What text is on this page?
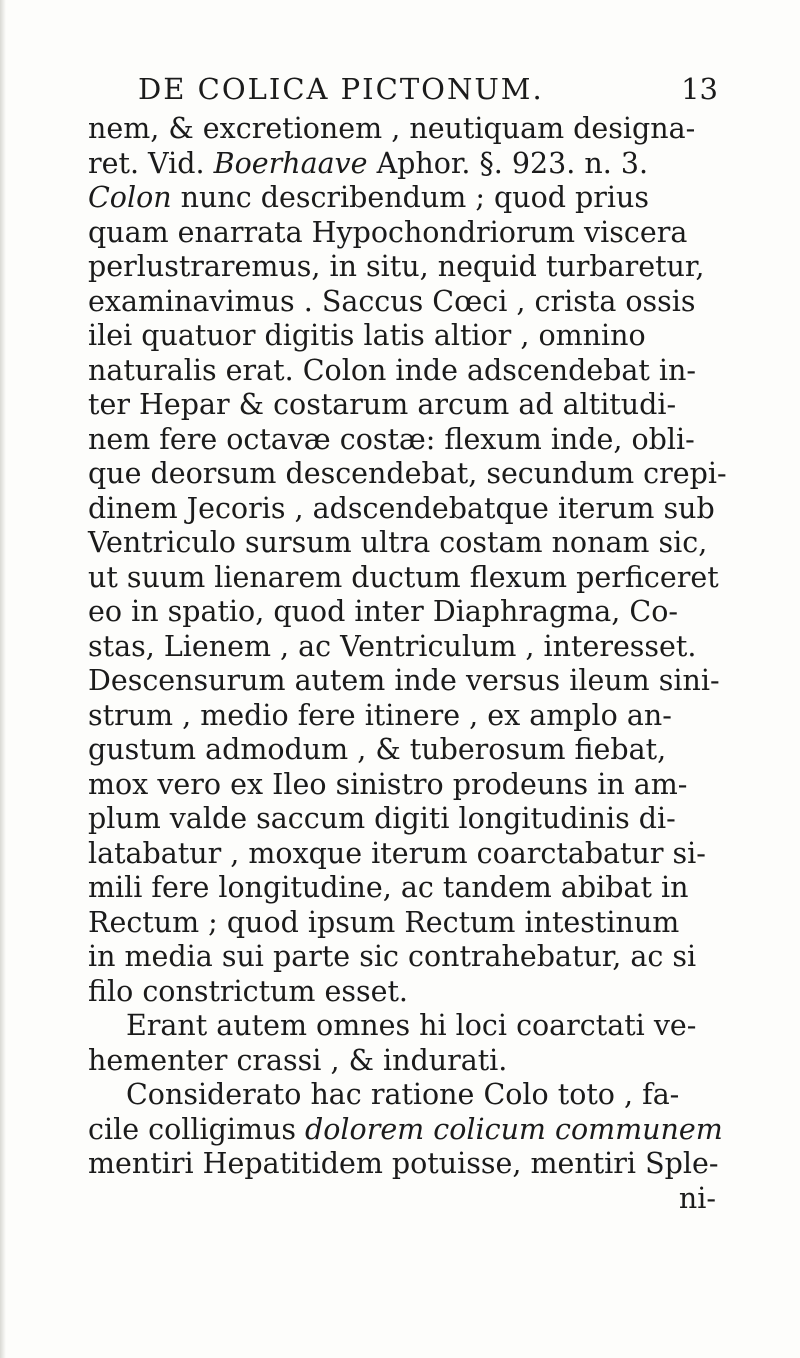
DE COLICA PICTONUM.	13
nem, & excretionem , neutiquam designa-
ret. Vid. Boerhaave Aphor. §. 923. n. 3.
Colon nunc describendum ; quod prius
quam enarrata Hypochondriorum viscera
perlustraremus, in situ, nequid turbaretur,
examinavimus . Saccus Cœci , crista ossis
ilei quatuor digitis latis altior , omnino
naturalis erat. Colon inde adscendebat in-
ter Hepar & costarum arcum ad altitudi-
nem fere octavæ costæ: flexum inde, obli-
que deorsum descendebat, secundum crepi-
dinem Jecoris , adscendebatque iterum sub
Ventriculo sursum ultra costam nonam sic,
ut suum lienarem ductum flexum perficeret
eo in spatio, quod inter Diaphragma, Co-
stas, Lienem , ac Ventriculum , interesset.
Descensurum autem inde versus ileum sini-
strum , medio fere itinere , ex amplo an-
gustum admodum , & tuberosum fiebat,
mox vero ex Ileo sinistro prodeuns in am-
plum valde saccum digiti longitudinis di-
latabatur , moxque iterum coarctabatur si-
mili fere longitudine, ac tandem abibat in
Rectum ; quod ipsum Rectum intestinum
in media sui parte sic contrahebatur, ac si
filo constrictum esset.
Erant autem omnes hi loci coarctati ve-
hementer crassi , & indurati.
Considerato hac ratione Colo toto , fa-
cile colligimus dolorem colicum communem
mentiri Hepatitidem potuisse, mentiri Sple-
ni-
